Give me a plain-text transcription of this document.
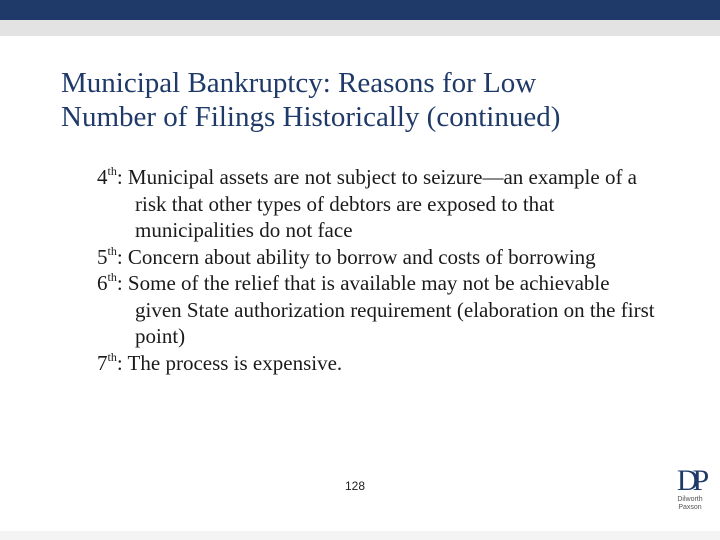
Municipal Bankruptcy: Reasons for Low
Number of Filings Historically (continued)
4th: Municipal assets are not subject to seizure—an example of a risk that other types of debtors are exposed to that municipalities do not face
5th: Concern about ability to borrow and costs of borrowing
6th: Some of the relief that is available may not be achievable given State authorization requirement (elaboration on the first point)
7th: The process is expensive.
128	DP
Dilworth
Paxson
